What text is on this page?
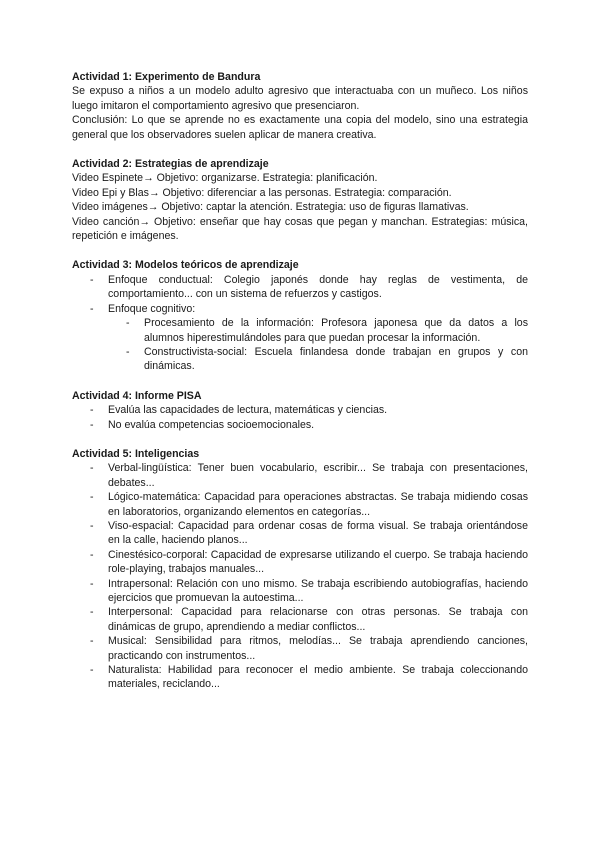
Actividad 1: Experimento de Bandura

Se expuso a niños a un modelo adulto agresivo que interactuaba con un muñeco. Los niños luego imitaron el comportamiento agresivo que presenciaron.

Conclusión: Lo que se aprende no es exactamente una copia del modelo, sino una estrategia general que los observadores suelen aplicar de manera creativa.

Actividad 2: Estrategias de aprendizaje

Video Espinete→ Objetivo: organizarse. Estrategia: planificación.

Video Epi y Blas→ Objetivo: diferenciar a las personas. Estrategia: comparación.

Video imágenes→ Objetivo: captar la atención. Estrategia: uso de figuras llamativas.

Video canción→ Objetivo: enseñar que hay cosas que pegan y manchan. Estrategias: música, repetición e imágenes.

Actividad 3: Modelos teóricos de aprendizaje

- Enfoque conductual: Colegio japonés donde hay reglas de vestimenta, de comportamiento... con un sistema de refuerzos y castigos.
- Enfoque cognitivo:
- Procesamiento de la información: Profesora japonesa que da datos a los alumnos hiperestimulándoles para que puedan procesar la información.
- Constructivista-social: Escuela finlandesa donde trabajan en grupos y con dinámicas.

Actividad 4: Informe PISA

- Evalúa las capacidades de lectura, matemáticas y ciencias.
- No evalúa competencias socioemocionales.

Actividad 5: Inteligencias

- Verbal-lingüística: Tener buen vocabulario, escribir... Se trabaja con presentaciones, debates...
- Lógico-matemática: Capacidad para operaciones abstractas. Se trabaja midiendo cosas en laboratorios, organizando elementos en categorías...
- Viso-espacial: Capacidad para ordenar cosas de forma visual. Se trabaja orientándose en la calle, haciendo planos...
- Cinestésico-corporal: Capacidad de expresarse utilizando el cuerpo. Se trabaja haciendo role-playing, trabajos manuales...
- Intrapersonal: Relación con uno mismo. Se trabaja escribiendo autobiografías, haciendo ejercicios que promuevan la autoestima...
- Interpersonal: Capacidad para relacionarse con otras personas. Se trabaja con dinámicas de grupo, aprendiendo a mediar conflictos...
- Musical: Sensibilidad para ritmos, melodías... Se trabaja aprendiendo canciones, practicando con instrumentos...
- Naturalista: Habilidad para reconocer el medio ambiente. Se trabaja coleccionando materiales, reciclando...
